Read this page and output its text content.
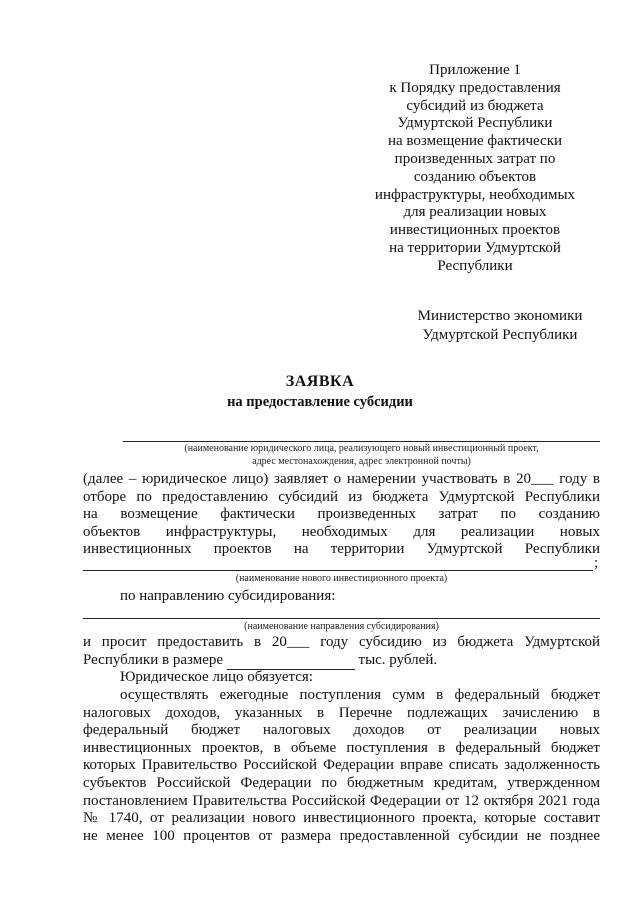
Приложение 1
к Порядку предоставления
субсидий из бюджета
Удмуртской Республики
на возмещение фактически
произведенных затрат по
созданию объектов
инфраструктуры, необходимых
для реализации новых
инвестиционных проектов
на территории Удмуртской
Республики
Министерство экономики
Удмуртской Республики
ЗАЯВКА
на предоставление субсидии
(наименование юридического лица, реализующего новый инвестиционный проект,
адрес местонахождения, адрес электронной почты)
(далее – юридическое лицо) заявляет о намерении участвовать в 20___ году в
отборе по предоставлению субсидий из бюджета Удмуртской Республики
на возмещение фактически произведенных затрат по созданию
объектов инфраструктуры, необходимых для реализации новых
инвестиционных проектов на территории Удмуртской Республики
;
(наименование нового инвестиционного проекта)
по направлению субсидирования:
(наименование направления субсидирования)
и просит предоставить в 20___ году субсидию из бюджета Удмуртской
Республики в размере	тыс. рублей.
Юридическое лицо обязуется:
осуществлять ежегодные поступления сумм в федеральный бюджет
налоговых доходов, указанных в Перечне подлежащих зачислению в
федеральный бюджет налоговых доходов от реализации новых
инвестиционных проектов, в объеме поступления в федеральный бюджет
которых Правительство Российской Федерации вправе списать задолженность
субъектов Российской Федерации по бюджетным кредитам, утвержденном
постановлением Правительства Российской Федерации от 12 октября 2021 года
№ 1740, от реализации нового инвестиционного проекта, которые составит
не менее 100 процентов от размера предоставленной субсидии не позднее
